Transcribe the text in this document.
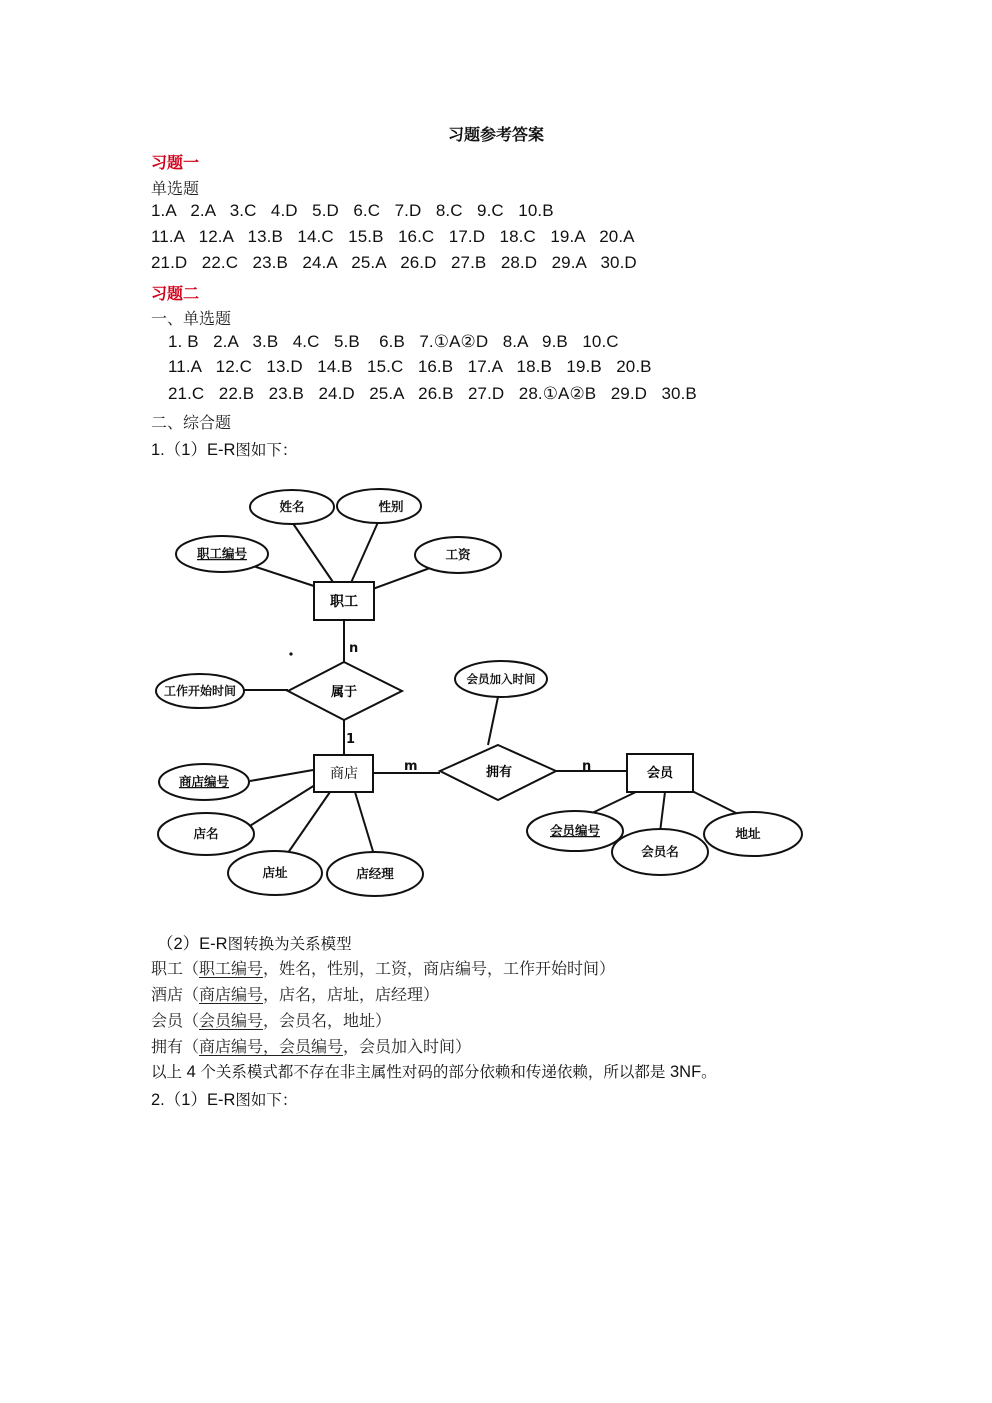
习题参考答案
习题一
单选题
1.A   2.A   3.C   4.D   5.D   6.C   7.D   8.C   9.C   10.B
11.A   12.A   13.B   14.C   15.B   16.C   17.D   18.C   19.A   20.A
21.D   22.C   23.B   24.A   25.A   26.D   27.B   28.D   29.A   30.D
习题二
一、单选题
1. B   2.A   3.B   4.C   5.B    6.B   7.①A②D   8.A   9.B   10.C
11.A   12.C   13.D   14.B   15.C   16.B   17.A   18.B   19.B   20.B
21.C   22.B   23.B   24.D   25.A   26.B   27.D   28.①A②B   29.D   30.B
二、综合题
1.（1）E-R图如下：
职工
商店	会员
属于
拥有
姓名	性别
职工编号	工资
工作开始时间
会员加入时间
商店编号
店名
店址	店经理
会员编号
会员名
地址
n
1
m	n
（2）E-R图转换为关系模型
职工（职工编号，姓名，性别，工资，商店编号，工作开始时间）
酒店（商店编号，店名，店址，店经理）
会员（会员编号，会员名，地址）
拥有（商店编号，会员编号，会员加入时间）
以上 4 个关系模式都不存在非主属性对码的部分依赖和传递依赖，所以都是 3NF。
2.（1）E-R图如下：
